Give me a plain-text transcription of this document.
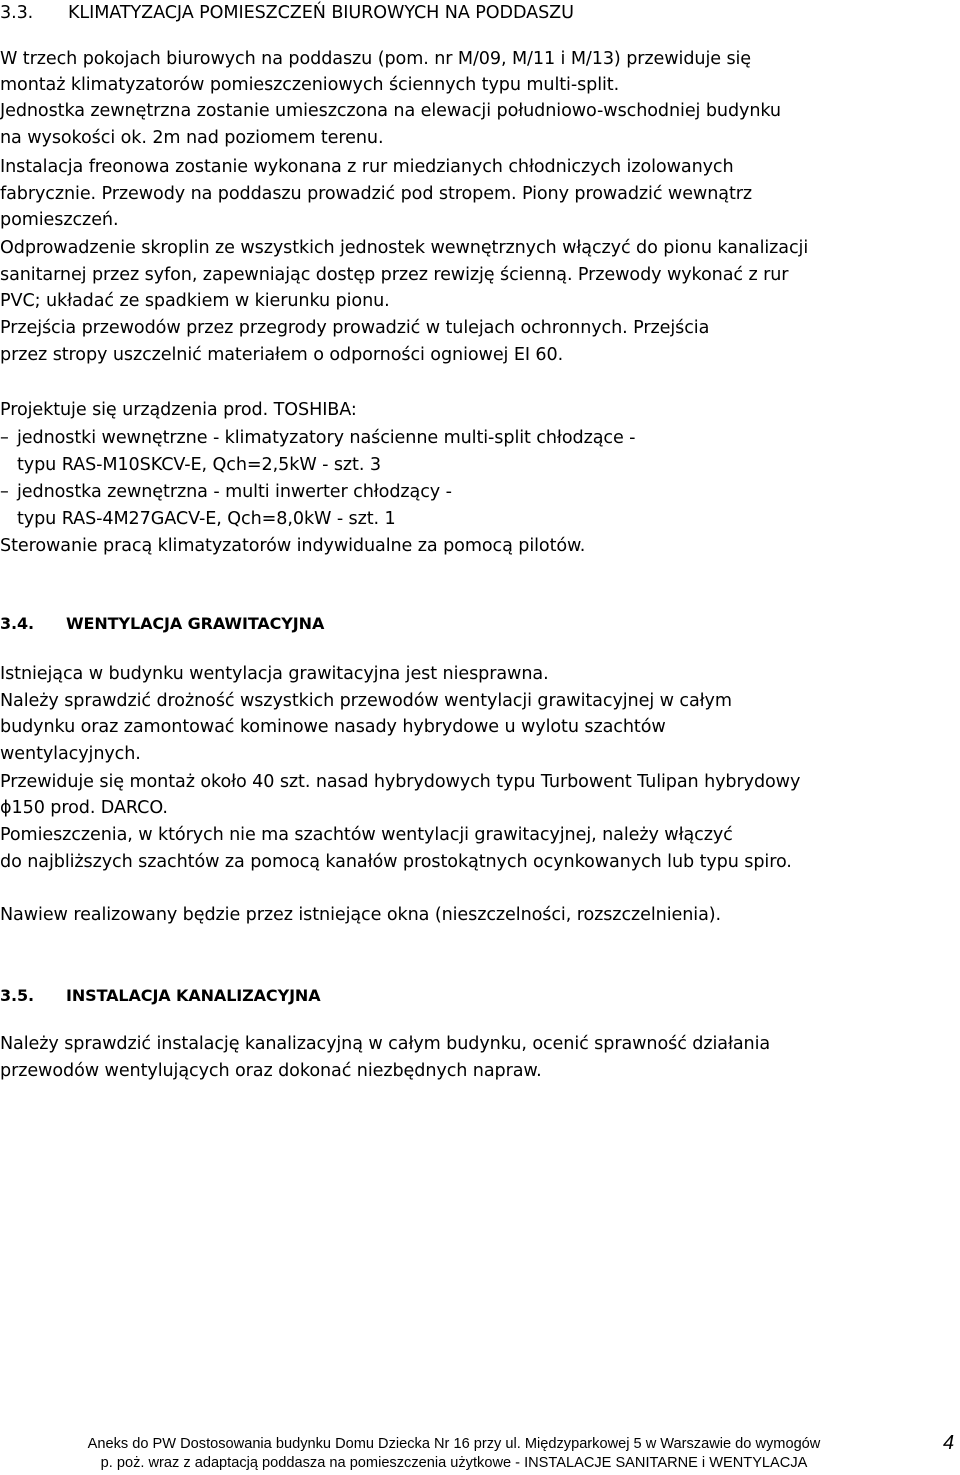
3.3. KLIMATYZACJA POMIESZCZEŃ BIUROWYCH NA PODDASZU
W trzech pokojach biurowych na poddaszu (pom. nr M/09, M/11 i M/13) przewiduje się
montaż klimatyzatorów pomieszczeniowych ściennych typu multi-split.
Jednostka zewnętrzna zostanie umieszczona na elewacji południowo-wschodniej budynku
na wysokości ok. 2m nad poziomem terenu.
Instalacja freonowa zostanie wykonana z rur miedzianych chłodniczych izolowanych
fabrycznie. Przewody na poddaszu prowadzić pod stropem. Piony prowadzić wewnątrz
pomieszczeń.
Odprowadzenie skroplin ze wszystkich jednostek wewnętrznych włączyć do pionu kanalizacji
sanitarnej przez syfon, zapewniając dostęp przez rewizję ścienną. Przewody wykonać z rur
PVC; układać ze spadkiem w kierunku pionu.
Przejścia przewodów przez przegrody prowadzić w tulejach ochronnych. Przejścia
przez stropy uszczelnić materiałem o odporności ogniowej EI 60.
Projektuje się urządzenia prod. TOSHIBA:
– jednostki wewnętrzne - klimatyzatory naścienne multi-split chłodzące -
typu RAS-M10SKCV-E, Qch=2,5kW - szt. 3
– jednostka zewnętrzna - multi inwerter chłodzący -
typu RAS-4M27GACV-E, Qch=8,0kW - szt. 1
Sterowanie pracą klimatyzatorów indywidualne za pomocą pilotów.
3.4. WENTYLACJA GRAWITACYJNA
Istniejąca w budynku wentylacja grawitacyjna jest niesprawna.
Należy sprawdzić drożność wszystkich przewodów wentylacji grawitacyjnej w całym
budynku oraz zamontować kominowe nasady hybrydowe u wylotu szachtów
wentylacyjnych.
Przewiduje się montaż około 40 szt. nasad hybrydowych typu Turbowent Tulipan hybrydowy
ϕ150 prod. DARCO.
Pomieszczenia, w których nie ma szachtów wentylacji grawitacyjnej, należy włączyć
do najbliższych szachtów za pomocą kanałów prostokątnych ocynkowanych lub typu spiro.
Nawiew realizowany będzie przez istniejące okna (nieszczelności, rozszczelnienia).
3.5. INSTALACJA KANALIZACYJNA
Należy sprawdzić instalację kanalizacyjną w całym budynku, ocenić sprawność działania
przewodów wentylujących oraz dokonać niezbędnych napraw.
Aneks do PW Dostosowania budynku Domu Dziecka Nr 16 przy ul. Międzyparkowej 5 w Warszawie do wymogów
p. poż. wraz z adaptacją poddasza na pomieszczenia użytkowe - INSTALACJE SANITARNE i WENTYLACJA
4
